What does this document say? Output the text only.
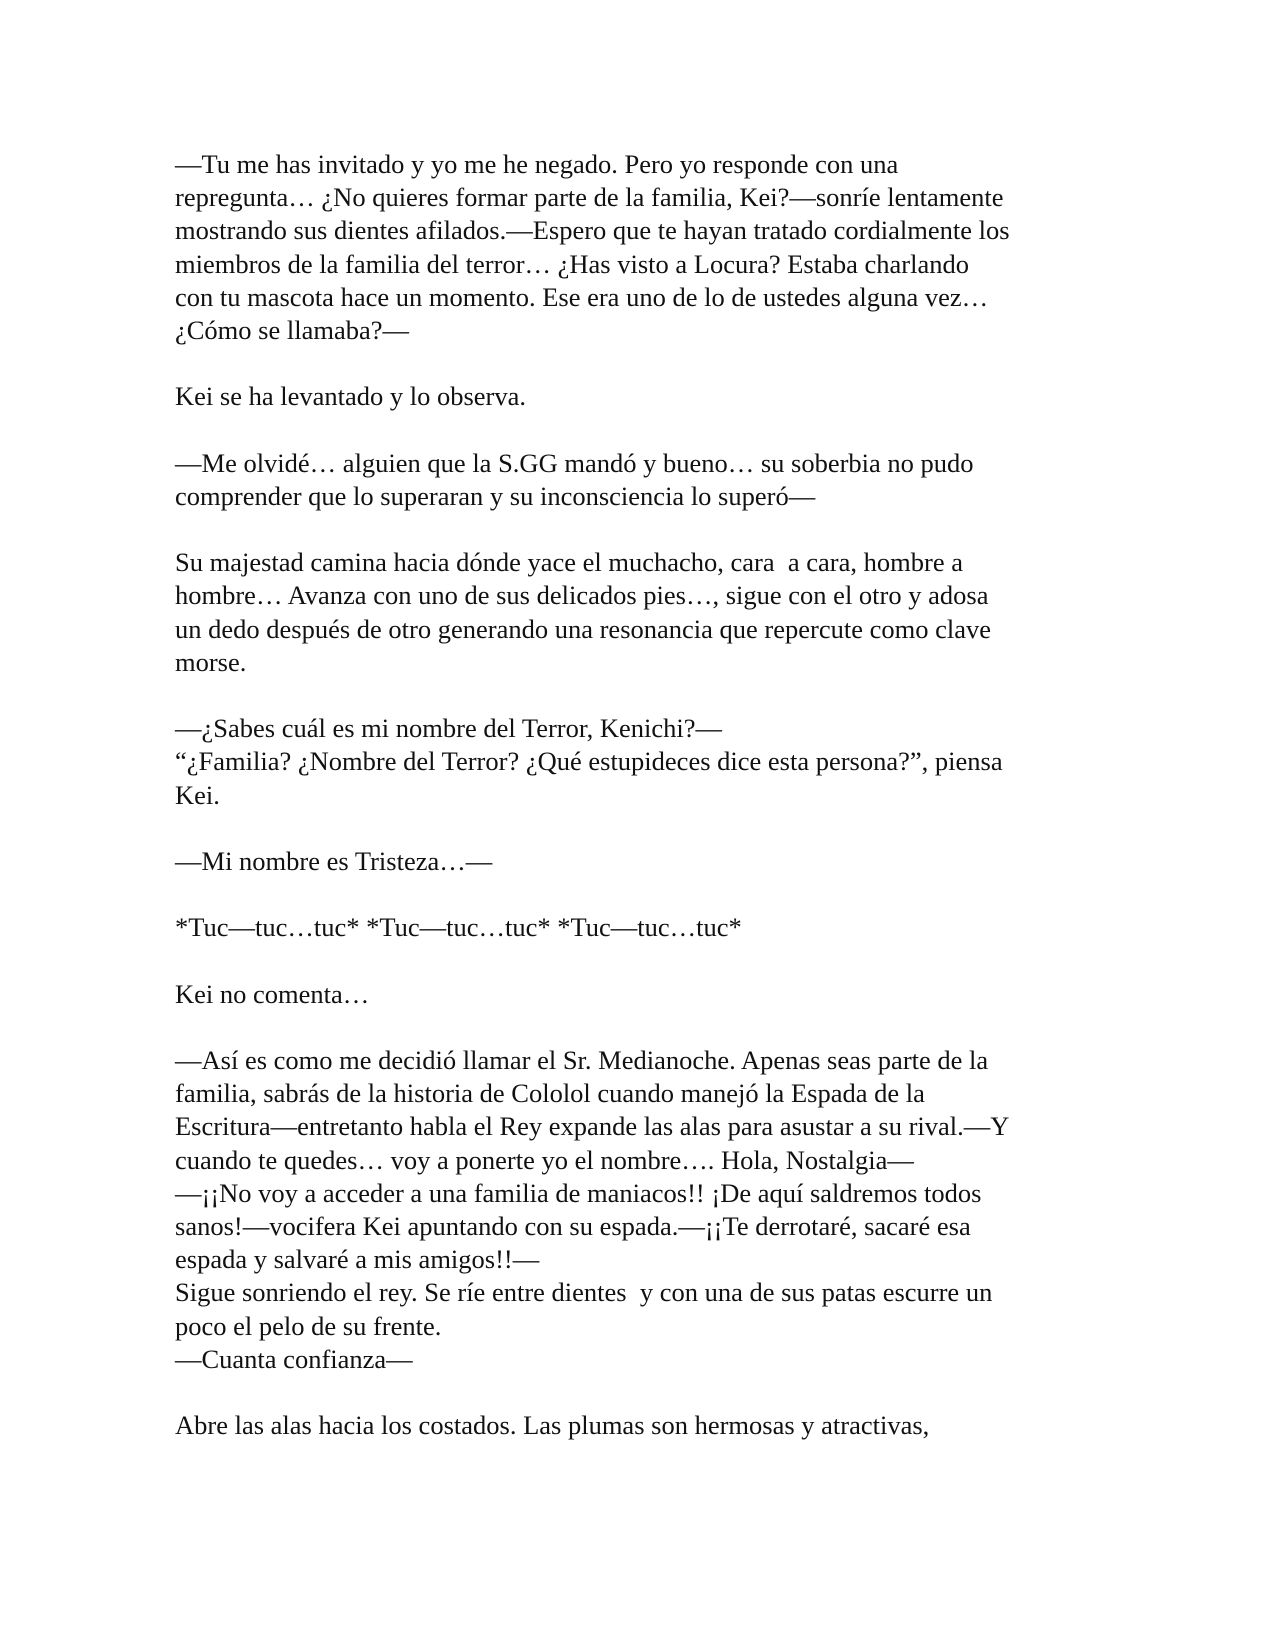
—Tu me has invitado y yo me he negado. Pero yo responde con una
repregunta… ¿No quieres formar parte de la familia, Kei?—sonríe lentamente
mostrando sus dientes afilados.—Espero que te hayan tratado cordialmente los
miembros de la familia del terror… ¿Has visto a Locura? Estaba charlando
con tu mascota hace un momento. Ese era uno de lo de ustedes alguna vez…
¿Cómo se llamaba?—
Kei se ha levantado y lo observa.
—Me olvidé… alguien que la S.GG mandó y bueno… su soberbia no pudo
comprender que lo superaran y su inconsciencia lo superó—
Su majestad camina hacia dónde yace el muchacho, cara  a cara, hombre a
hombre… Avanza con uno de sus delicados pies…, sigue con el otro y adosa
un dedo después de otro generando una resonancia que repercute como clave
morse.
—¿Sabes cuál es mi nombre del Terror, Kenichi?—
“¿Familia? ¿Nombre del Terror? ¿Qué estupideces dice esta persona?”, piensa
Kei.
—Mi nombre es Tristeza…—
*Tuc—tuc…tuc* *Tuc—tuc…tuc* *Tuc—tuc…tuc*
Kei no comenta…
—Así es como me decidió llamar el Sr. Medianoche. Apenas seas parte de la
familia, sabrás de la historia de Cololol cuando manejó la Espada de la
Escritura—entretanto habla el Rey expande las alas para asustar a su rival.—Y
cuando te quedes… voy a ponerte yo el nombre…. Hola, Nostalgia—
—¡¡No voy a acceder a una familia de maniacos!! ¡De aquí saldremos todos
sanos!—vocifera Kei apuntando con su espada.—¡¡Te derrotaré, sacaré esa
espada y salvaré a mis amigos!!—
Sigue sonriendo el rey. Se ríe entre dientes  y con una de sus patas escurre un
poco el pelo de su frente.
—Cuanta confianza—
Abre las alas hacia los costados. Las plumas son hermosas y atractivas,
